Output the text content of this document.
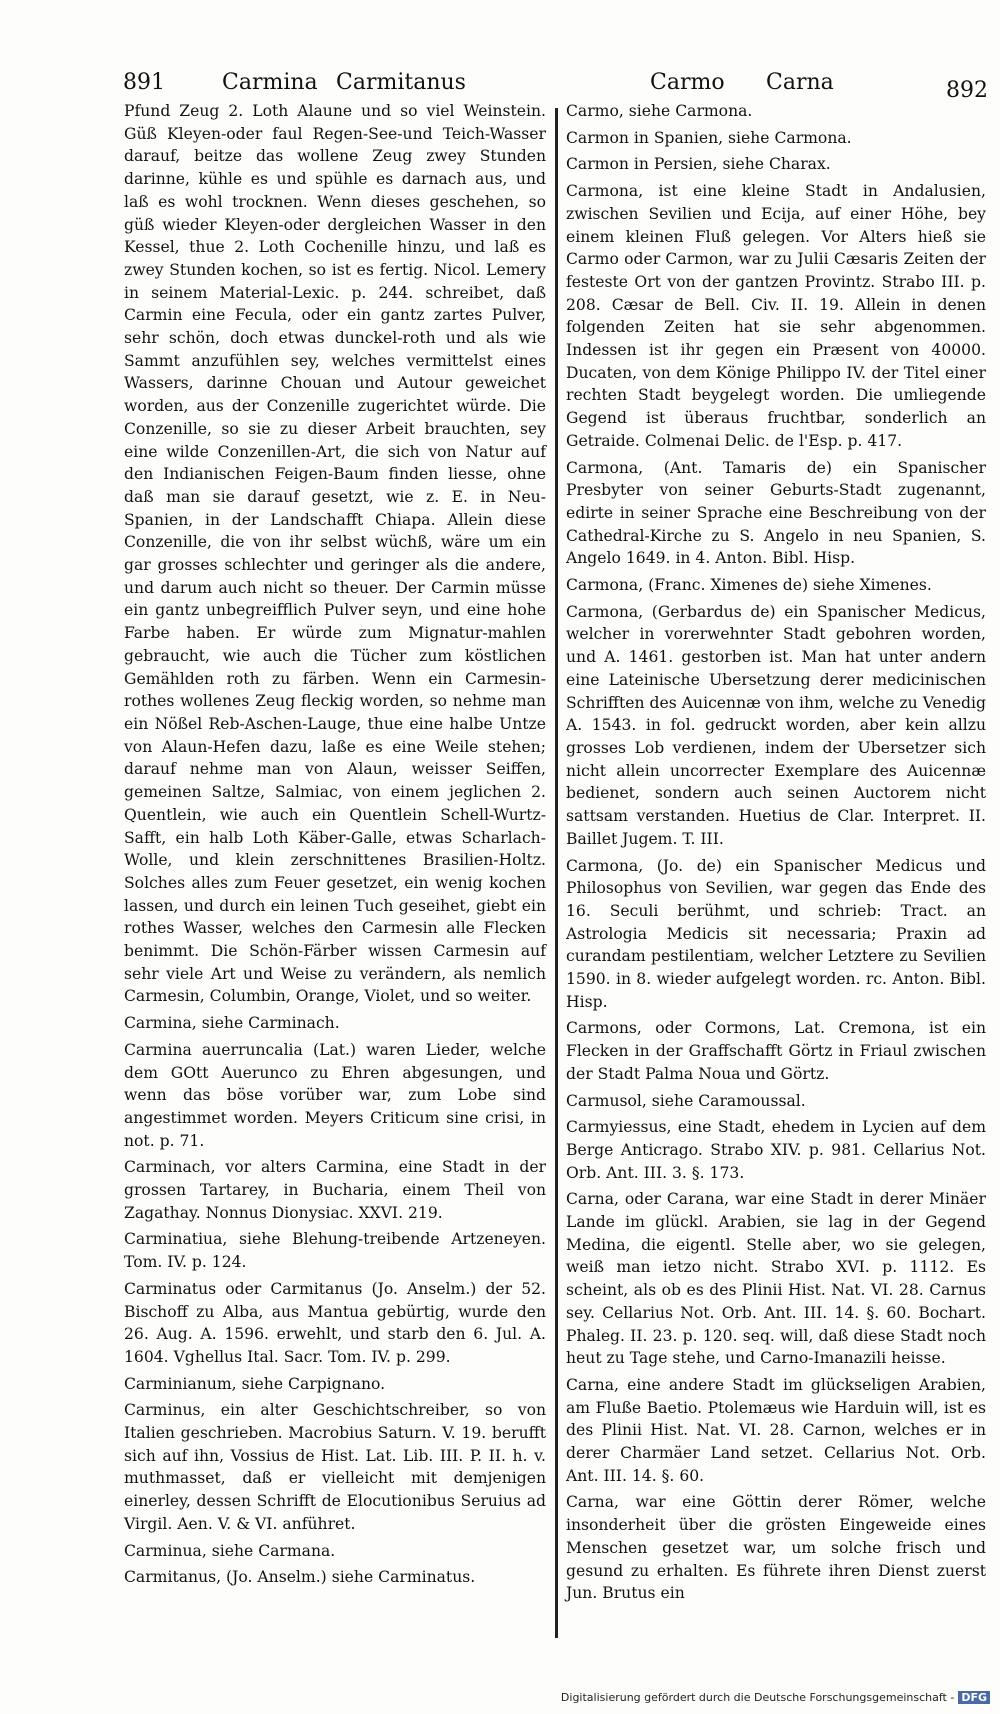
891	Carmina Carmitanus	Carmo Carna	892

Pfund Zeug 2. Loth Alaune und so viel Weinstein. Güß Kleyen-oder faul Regen-See-und Teich-Wasser darauf, beitze das wollene Zeug zwey Stunden darinne, kühle es und spühle es darnach aus, und laß es wohl trocknen. Wenn dieses geschehen, so güß wieder Kleyen-oder dergleichen Wasser in den Kessel, thue 2. Loth Cochenille hinzu, und laß es zwey Stunden kochen, so ist es fertig. Nicol. Lemery in seinem Material-Lexic. p. 244. schreibet, daß Carmin eine Fecula, oder ein gantz zartes Pulver, sehr schön, doch etwas dunckel-roth und als wie Sammt anzufühlen sey, welches vermittelst eines Wassers, darinne Chouan und Autour geweichet worden, aus der Conzenille zugerichtet würde. Die Conzenille, so sie zu dieser Arbeit brauchten, sey eine wilde Conzenillen-Art, die sich von Natur auf den Indianischen Feigen-Baum finden liesse, ohne daß man sie darauf gesetzt, wie z. E. in Neu-Spanien, in der Landschafft Chiapa. Allein diese Conzenille, die von ihr selbst wüchß, wäre um ein gar grosses schlechter und geringer als die andere, und darum auch nicht so theuer. Der Carmin müsse ein gantz unbegreifflich Pulver seyn, und eine hohe Farbe haben. Er würde zum Mignatur-mahlen gebraucht, wie auch die Tücher zum köstlichen Gemählden roth zu färben. Wenn ein Carmesin-rothes wollenes Zeug fleckig worden, so nehme man ein Nößel Reb-Aschen-Lauge, thue eine halbe Untze von Alaun-Hefen dazu, laße es eine Weile stehen; darauf nehme man von Alaun, weisser Seiffen, gemeinen Saltze, Salmiac, von einem jeglichen 2. Quentlein, wie auch ein Quentlein Schell-Wurtz-Safft, ein halb Loth Käber-Galle, etwas Scharlach-Wolle, und klein zerschnittenes Brasilien-Holtz. Solches alles zum Feuer gesetzet, ein wenig kochen lassen, und durch ein leinen Tuch geseihet, giebt ein rothes Wasser, welches den Carmesin alle Flecken benimmt. Die Schön-Färber wissen Carmesin auf sehr viele Art und Weise zu verändern, als nemlich Carmesin, Columbin, Orange, Violet, und so weiter.

Carmina, siehe Carminach.

Carmina auerruncalia (Lat.) waren Lieder, welche dem GOtt Auerunco zu Ehren abgesungen, und wenn das böse vorüber war, zum Lobe sind angestimmet worden. Meyers Criticum sine crisi, in not. p. 71.

Carminach, vor alters Carmina, eine Stadt in der grossen Tartarey, in Bucharia, einem Theil von Zagathay. Nonnus Dionysiac. XXVI. 219.

Carminatiua, siehe Blehung-treibende Artzeneyen. Tom. IV. p. 124.

Carminatus oder Carmitanus (Jo. Anselm.) der 52. Bischoff zu Alba, aus Mantua gebürtig, wurde den 26. Aug. A. 1596. erwehlt, und starb den 6. Jul. A. 1604. Vghellus Ital. Sacr. Tom. IV. p. 299.

Carminianum, siehe Carpignano.

Carminus, ein alter Geschichtschreiber, so von Italien geschrieben. Macrobius Saturn. V. 19. berufft sich auf ihn, Vossius de Hist. Lat. Lib. III. P. II. h. v. muthmasset, daß er vielleicht mit demjenigen einerley, dessen Schrifft de Elocutionibus Seruius ad Virgil. Aen. V. & VI. anführet.

Carminua, siehe Carmana.

Carmitanus, (Jo. Anselm.) siehe Carminatus.

Carmo, siehe Carmona.

Carmon in Spanien, siehe Carmona.

Carmon in Persien, siehe Charax.

Carmona, ist eine kleine Stadt in Andalusien, zwischen Sevilien und Ecija, auf einer Höhe, bey einem kleinen Fluß gelegen. Vor Alters hieß sie Carmo oder Carmon, war zu Julii Cæsaris Zeiten der festeste Ort von der gantzen Provintz. Strabo III. p. 208. Cæsar de Bell. Civ. II. 19. Allein in denen folgenden Zeiten hat sie sehr abgenommen. Indessen ist ihr gegen ein Præsent von 40000. Ducaten, von dem Könige Philippo IV. der Titel einer rechten Stadt beygelegt worden. Die umliegende Gegend ist überaus fruchtbar, sonderlich an Getraide. Colmenai Delic. de l'Esp. p. 417.

Carmona, (Ant. Tamaris de) ein Spanischer Presbyter von seiner Geburts-Stadt zugenannt, edirte in seiner Sprache eine Beschreibung von der Cathedral-Kirche zu S. Angelo in neu Spanien, S. Angelo 1649. in 4. Anton. Bibl. Hisp.

Carmona, (Franc. Ximenes de) siehe Ximenes.

Carmona, (Gerbardus de) ein Spanischer Medicus, welcher in vorerwehnter Stadt gebohren worden, und A. 1461. gestorben ist. Man hat unter andern eine Lateinische Ubersetzung derer medicinischen Schrifften des Auicennæ von ihm, welche zu Venedig A. 1543. in fol. gedruckt worden, aber kein allzu grosses Lob verdienen, indem der Ubersetzer sich nicht allein uncorrecter Exemplare des Auicennæ bedienet, sondern auch seinen Auctorem nicht sattsam verstanden. Huetius de Clar. Interpret. II. Baillet Jugem. T. III.

Carmona, (Jo. de) ein Spanischer Medicus und Philosophus von Sevilien, war gegen das Ende des 16. Seculi berühmt, und schrieb: Tract. an Astrologia Medicis sit necessaria; Praxin ad curandam pestilentiam, welcher Letztere zu Sevilien 1590. in 8. wieder aufgelegt worden. rc. Anton. Bibl. Hisp.

Carmons, oder Cormons, Lat. Cremona, ist ein Flecken in der Graffschafft Görtz in Friaul zwischen der Stadt Palma Noua und Görtz.

Carmusol, siehe Caramoussal.

Carmyiessus, eine Stadt, ehedem in Lycien auf dem Berge Anticrago. Strabo XIV. p. 981. Cellarius Not. Orb. Ant. III. 3. §. 173.

Carna, oder Carana, war eine Stadt in derer Minäer Lande im glückl. Arabien, sie lag in der Gegend Medina, die eigentl. Stelle aber, wo sie gelegen, weiß man ietzo nicht. Strabo XVI. p. 1112. Es scheint, als ob es des Plinii Hist. Nat. VI. 28. Carnus sey. Cellarius Not. Orb. Ant. III. 14. §. 60. Bochart. Phaleg. II. 23. p. 120. seq. will, daß diese Stadt noch heut zu Tage stehe, und Carno-Imanazili heisse.

Carna, eine andere Stadt im glückseligen Arabien, am Fluße Baetio. Ptolemæus wie Harduin will, ist es des Plinii Hist. Nat. VI. 28. Carnon, welches er in derer Charmäer Land setzet. Cellarius Not. Orb. Ant. III. 14. §. 60.

Carna, war eine Göttin derer Römer, welche insonderheit über die grösten Eingeweide eines Menschen gesetzet war, um solche frisch und gesund zu erhalten. Es führete ihren Dienst zuerst Jun. Brutus ein

Digitalisierung gefördert durch die Deutsche Forschungsgemeinschaft - DFG
